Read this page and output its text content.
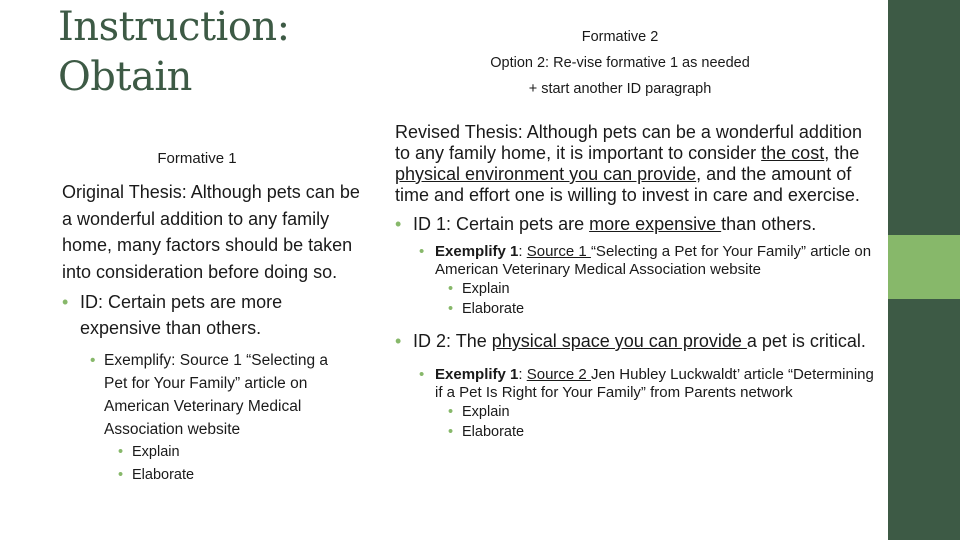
Instruction:
Obtain
Formative 1

Original Thesis: Although pets can be a wonderful addition to any family home, many factors should be taken into consideration before doing so.

• ID: Certain pets are more expensive than others.

• Exemplify: Source 1 “Selecting a Pet for Your Family” article on American Veterinary Medical Association website

• Explain

• Elaborate

Formative 2
Option 2: Re-vise formative 1 as needed
+ start another ID paragraph

Revised Thesis: Although pets can be a wonderful addition to any family home, it is important to consider the cost, the physical environment you can provide, and the amount of time and effort one is willing to invest in care and exercise.

• ID 1: Certain pets are more expensive than others.

• Exemplify 1: Source 1 “Selecting a Pet for Your Family” article on American Veterinary Medical Association website

• Explain

• Elaborate

• ID 2: The physical space you can provide a pet is critical.

• Exemplify 1: Source 2 Jen Hubley Luckwaldt’ article “Determining if a Pet Is Right for Your Family” from Parents network

• Explain

• Elaborate
